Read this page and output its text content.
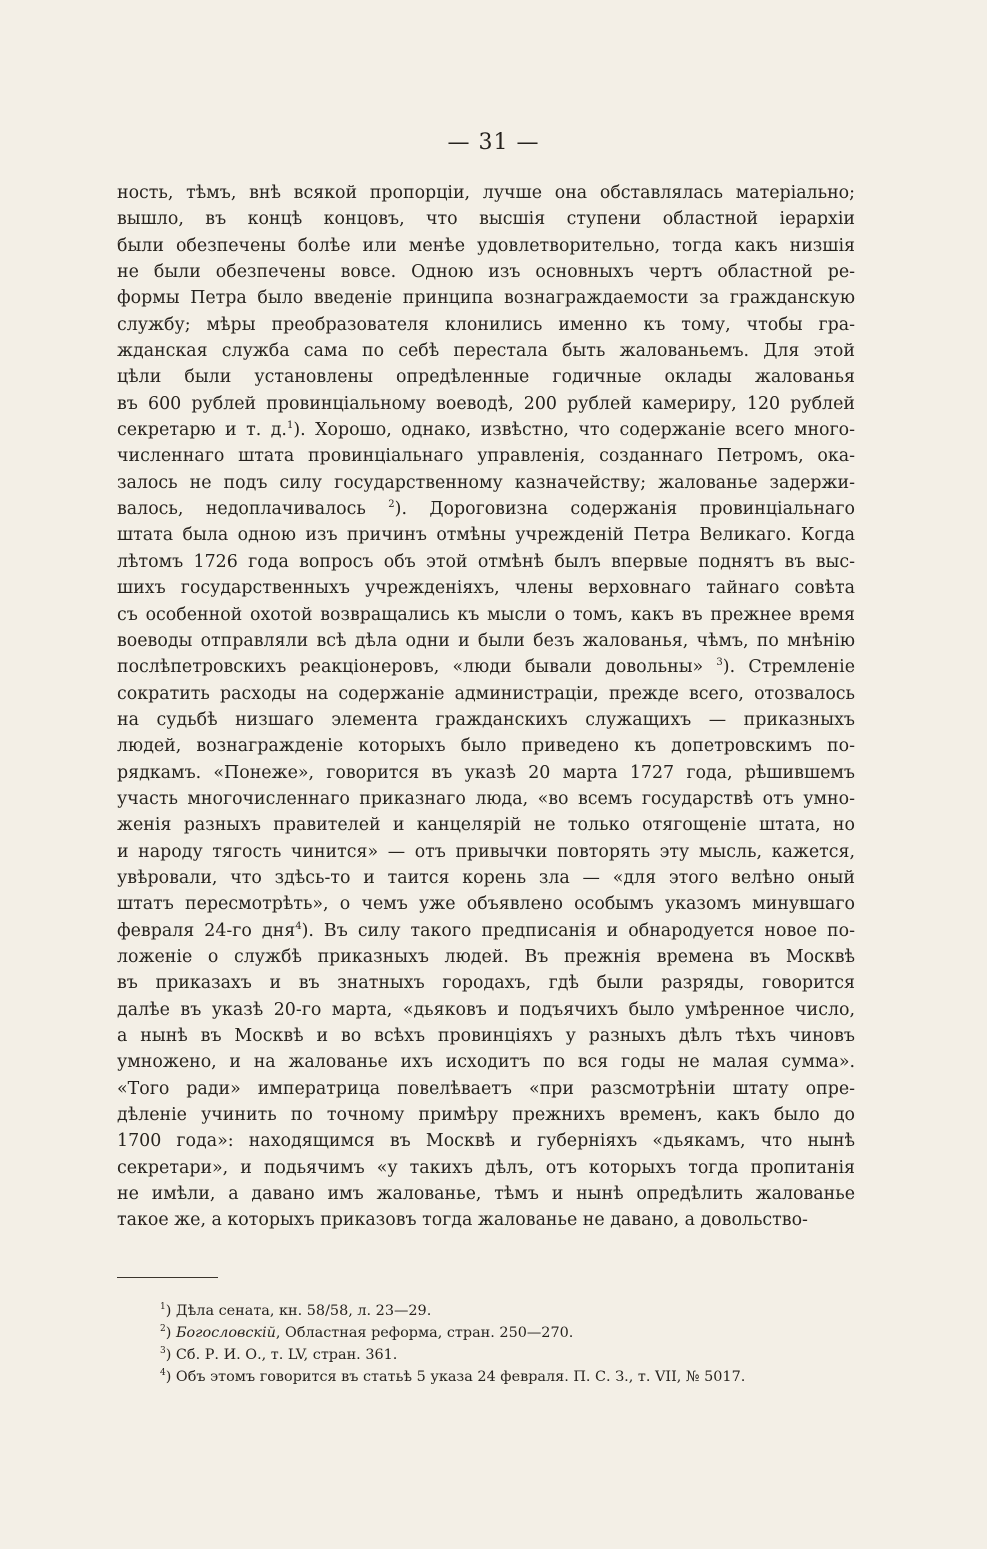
— 31 —
ность, тѣмъ, внѣ всякой пропорціи, лучше она обставлялась матеріально;
вышло, въ концѣ концовъ, что высшія ступени областной іерархіи
были обезпечены болѣе или менѣе удовлетворительно, тогда какъ низшія
не были обезпечены вовсе. Одною изъ основныхъ чертъ областной ре-
формы Петра было введеніе принципа вознаграждаемости за гражданскую
службу; мѣры преобразователя клонились именно къ тому, чтобы гра-
жданская служба сама по себѣ перестала быть жалованьемъ. Для этой
цѣли были установлены опредѣленные годичные оклады жалованья
въ 600 рублей провинціальному воеводѣ, 200 рублей камериру, 120 рублей
секретарю и т. д.$^1$). Хорошо, однако, извѣстно, что содержаніе всего много-
численнаго штата провинціальнаго управленія, созданнаго Петромъ, ока-
залось не подъ силу государственному казначейству; жалованье задержи-
валось, недоплачивалось $^2$). Дороговизна содержанія провинціальнаго
штата была одною изъ причинъ отмѣны учрежденій Петра Великаго. Когда
лѣтомъ 1726 года вопросъ объ этой отмѣнѣ былъ впервые поднятъ въ выс-
шихъ государственныхъ учрежденіяхъ, члены верховнаго тайнаго совѣта
съ особенной охотой возвращались къ мысли о томъ, какъ въ прежнее время
воеводы отправляли всѣ дѣла одни и были безъ жалованья, чѣмъ, по мнѣнію
послѣпетровскихъ реакціонеровъ, «люди бывали довольны» $^3$). Стремленіе
сократить расходы на содержаніе администраціи, прежде всего, отозвалось
на судьбѣ низшаго элемента гражданскихъ служащихъ — приказныхъ
людей, вознагражденіе которыхъ было приведено къ допетровскимъ по-
рядкамъ. «Понеже», говорится въ указѣ 20 марта 1727 года, рѣшившемъ
участь многочисленнаго приказнаго люда, «во всемъ государствѣ отъ умно-
женія разныхъ правителей и канцелярій не только отягощеніе штата, но
и народу тягость чинится» — отъ привычки повторять эту мысль, кажется,
увѣровали, что здѣсь-то и таится корень зла — «для этого велѣно оный
штатъ пересмотрѣть», о чемъ уже объявлено особымъ указомъ минувшаго
февраля 24-го дня$^4$). Въ силу такого предписанія и обнародуется новое по-
ложеніе о службѣ приказныхъ людей. Въ прежнія времена въ Москвѣ
въ приказахъ и въ знатныхъ городахъ, гдѣ были разряды, говорится
далѣе въ указѣ 20-го марта, «дьяковъ и подъячихъ было умѣренное число,
а нынѣ въ Москвѣ и во всѣхъ провинціяхъ у разныхъ дѣлъ тѣхъ чиновъ
умножено, и на жалованье ихъ исходитъ по вся годы не малая сумма».
«Того ради» императрица повелѣваетъ «при разсмотрѣніи штату опре-
дѣленіе учинить по точному примѣру прежнихъ временъ, какъ было до
1700 года»: находящимся въ Москвѣ и губерніяхъ «дьякамъ, что нынѣ
секретари», и подьячимъ «у такихъ дѣлъ, отъ которыхъ тогда пропитанія
не имѣли, а давано имъ жалованье, тѣмъ и нынѣ опредѣлить жалованье
такое же, а которыхъ приказовъ тогда жалованье не давано, а довольство-
$^1$) Дѣла сената, кн. 58/58, л. 23—29.
$^2$) Богословскій, Областная реформа, стран. 250—270.
$^3$) Сб. Р. И. О., т. LV, стран. 361.
$^4$) Объ этомъ говорится въ статьѣ 5 указа 24 февраля. П. С. З., т. VII, № 5017.
